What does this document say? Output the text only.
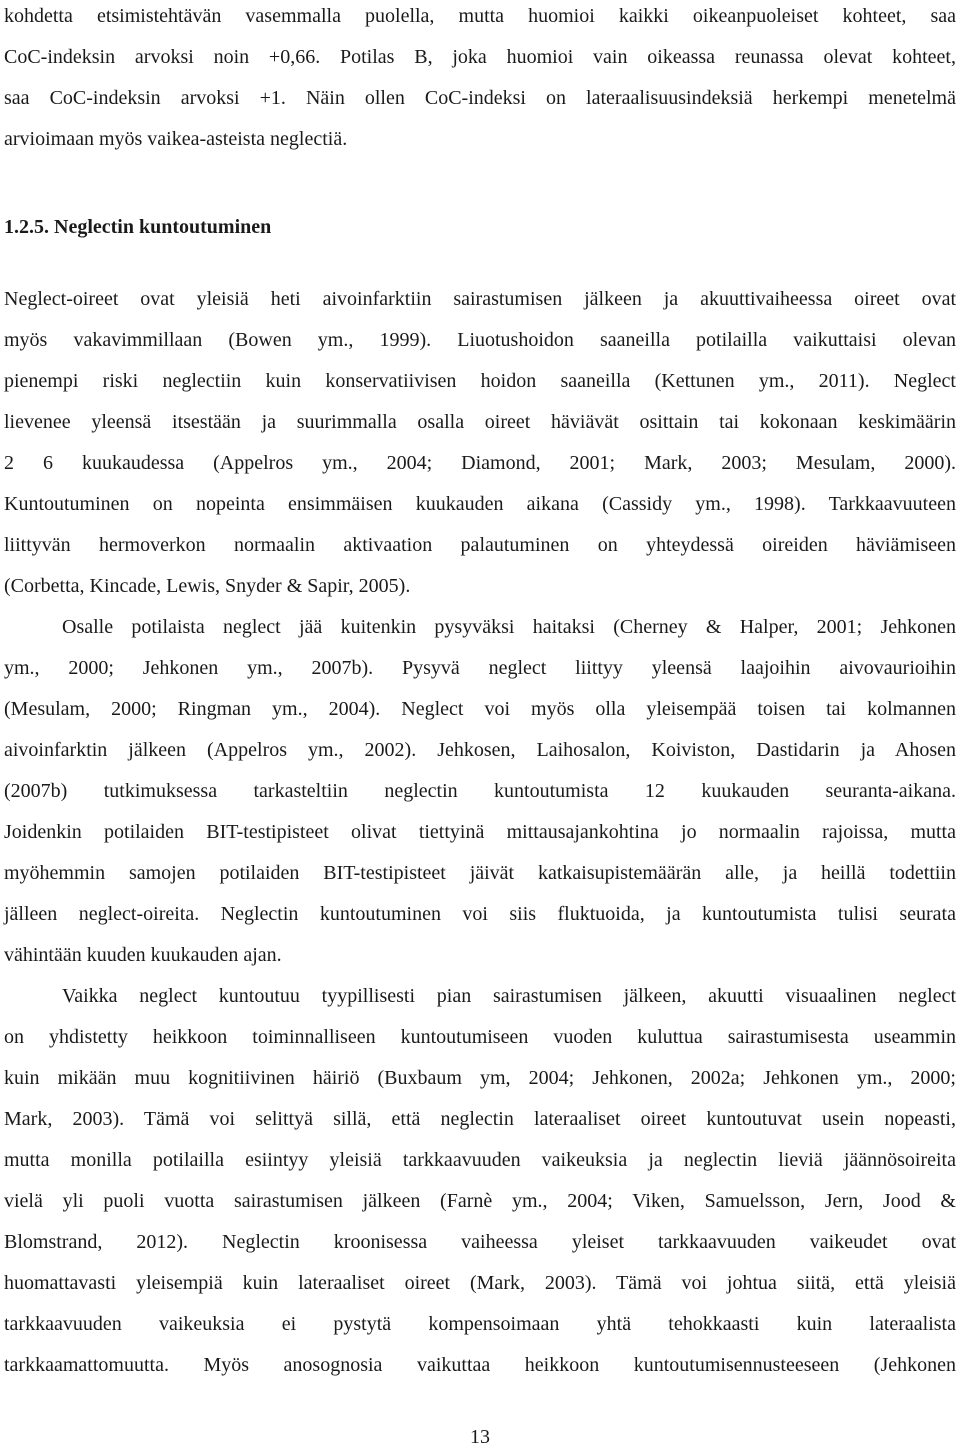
kohdetta etsimistehtävän vasemmalla puolella, mutta huomioi kaikki oikeanpuoleiset kohteet, saa
CoC-indeksin arvoksi noin +0,66. Potilas B, joka huomioi vain oikeassa reunassa olevat kohteet,
saa CoC-indeksin arvoksi +1. Näin ollen CoC-indeksi on lateraalisuusindeksiä herkempi menetelmä
arvioimaan myös vaikea-asteista neglectiä.
1.2.5. Neglectin kuntoutuminen
Neglect-oireet ovat yleisiä heti aivoinfarktiin sairastumisen jälkeen ja akuuttivaiheessa oireet ovat
myös vakavimmillaan (Bowen ym., 1999). Liuotushoidon saaneilla potilailla vaikuttaisi olevan
pienempi riski neglectiin kuin konservatiivisen hoidon saaneilla (Kettunen ym., 2011). Neglect
lievenee yleensä itsestään ja suurimmalla osalla oireet häviävät osittain tai kokonaan keskimäärin
2 6 kuukaudessa (Appelros ym., 2004; Diamond, 2001; Mark, 2003; Mesulam, 2000).
Kuntoutuminen on nopeinta ensimmäisen kuukauden aikana (Cassidy ym., 1998). Tarkkaavuuteen
liittyvän hermoverkon normaalin aktivaation palautuminen on yhteydessä oireiden häviämiseen
(Corbetta, Kincade, Lewis, Snyder & Sapir, 2005).
Osalle potilaista neglect jää kuitenkin pysyväksi haitaksi (Cherney & Halper, 2001; Jehkonen
ym., 2000; Jehkonen ym., 2007b). Pysyvä neglect liittyy yleensä laajoihin aivovaurioihin
(Mesulam, 2000; Ringman ym., 2004). Neglect voi myös olla yleisempää toisen tai kolmannen
aivoinfarktin jälkeen (Appelros ym., 2002). Jehkosen, Laihosalon, Koiviston, Dastidarin ja Ahosen
(2007b) tutkimuksessa tarkasteltiin neglectin kuntoutumista 12 kuukauden seuranta-aikana.
Joidenkin potilaiden BIT-testipisteet olivat tiettyinä mittausajankohtina jo normaalin rajoissa, mutta
myöhemmin samojen potilaiden BIT-testipisteet jäivät katkaisupistemäärän alle, ja heillä todettiin
jälleen neglect-oireita. Neglectin kuntoutuminen voi siis fluktuoida, ja kuntoutumista tulisi seurata
vähintään kuuden kuukauden ajan.
Vaikka neglect kuntoutuu tyypillisesti pian sairastumisen jälkeen, akuutti visuaalinen neglect
on yhdistetty heikkoon toiminnalliseen kuntoutumiseen vuoden kuluttua sairastumisesta useammin
kuin mikään muu kognitiivinen häiriö (Buxbaum ym, 2004; Jehkonen, 2002a; Jehkonen ym., 2000;
Mark, 2003). Tämä voi selittyä sillä, että neglectin lateraaliset oireet kuntoutuvat usein nopeasti,
mutta monilla potilailla esiintyy yleisiä tarkkaavuuden vaikeuksia ja neglectin lieviä jäännösoireita
vielä yli puoli vuotta sairastumisen jälkeen (Farnè ym., 2004; Viken, Samuelsson, Jern, Jood &
Blomstrand, 2012). Neglectin kroonisessa vaiheessa yleiset tarkkaavuuden vaikeudet ovat
huomattavasti yleisempiä kuin lateraaliset oireet (Mark, 2003). Tämä voi johtua siitä, että yleisiä
tarkkaavuuden vaikeuksia ei pystytä kompensoimaan yhtä tehokkaasti kuin lateraalista
tarkkaamattomuutta. Myös anosognosia vaikuttaa heikkoon kuntoutumisennusteeseen (Jehkonen
13
